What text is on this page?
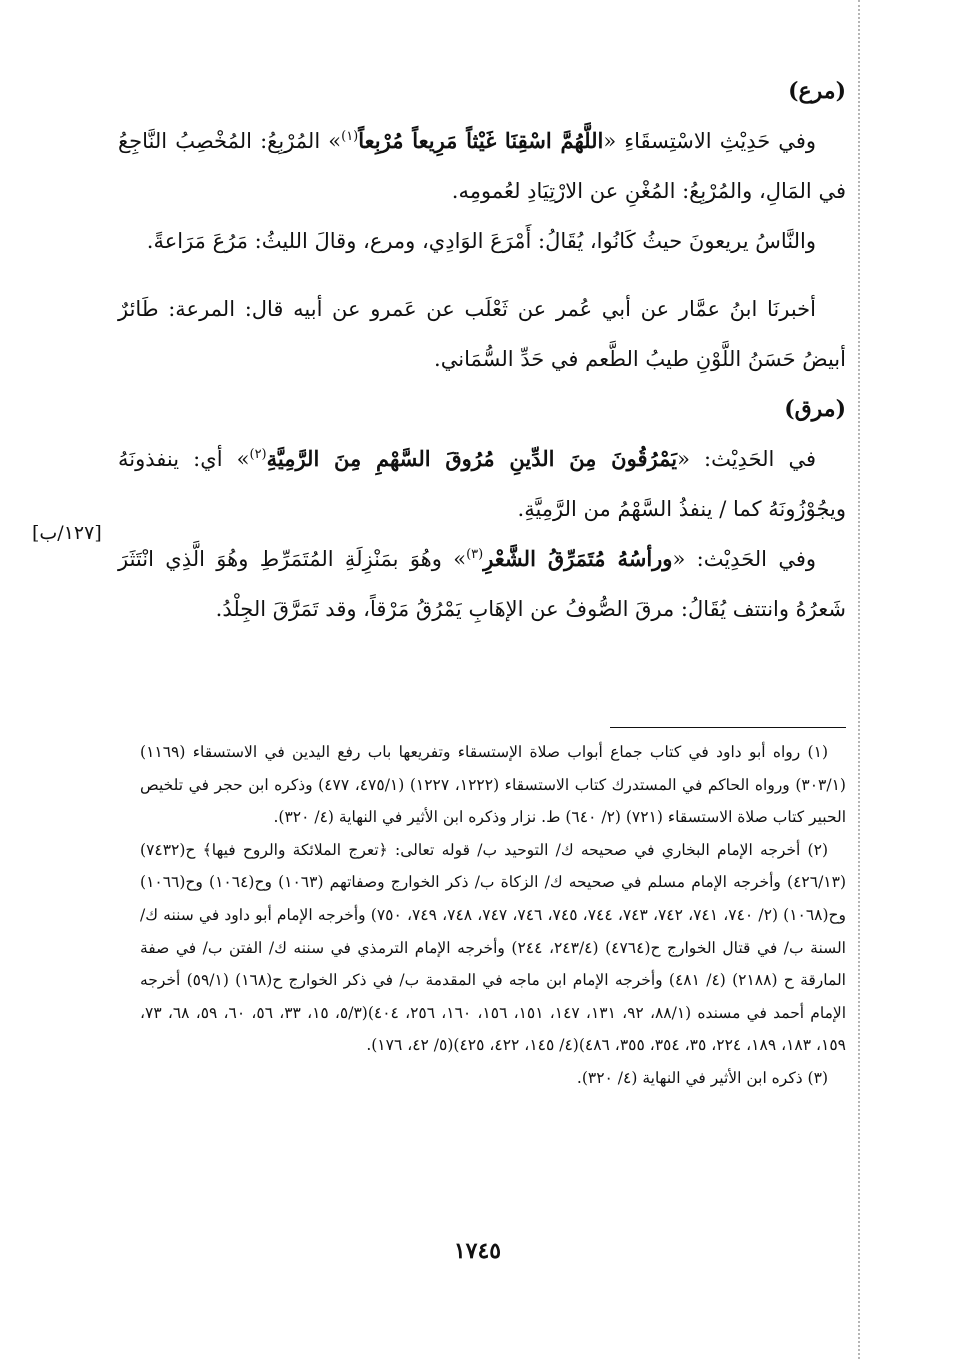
[١٢٧/ب]
(مرع)

وفي حَدِيْثِ الاسْتِسقَاءِ «اللَّهُمَّ اسْقِنَا غَيْثاً مَرِيعاً مُرْبِعاً$^{(١)}$» المُرْبِعُ: المُخْصِبُ النَّاجِعُ في المَالِ، والمُرْبِعُ: المُغْنِ عن الارْتِيَادِ لعُمومِه.

والنَّاسُ يريعونَ حيثُ كَانُوا، يُقَالُ: أَمْرَعَ الوَادِي، ومرع، وقالَ الليثُ: مَرُعَ مَرَاعةً.

أخبرنَا ابنُ عمَّار عن أبي عُمر عن ثَعْلَب عن عَمرو عن أبيه قال: المرعة: طَائرٌ أبيضُ حَسَنُ اللَّوْنِ طيبُ الطَّعم في حَدِّ السُّمَاني.

(مرق)

في الحَدِيْث: «يَمْرُقُونَ مِنَ الدِّينِ مُرُوقَ السَّهْمِ مِنَ الرَّمِيَّةِ$^{(٢)}$» أي: ينفذونَهُ ويجُوْزُونَهُ كما / ينفذُ السَّهْمُ من الرَّمِيَّةِ.

وفي الحَدِيْث: «ورأسُهُ مُتَمَرِّقُ الشَّعْرِ$^{(٣)}$» وهُوَ بمَنْزِلَةِ المُتَمَرِّطِ وهُوَ الَّذِي انْتَثَرَ شَعرُهُ وانتتف يُقَالُ: مرقَ الصُّوفُ عن الإهَابِ يَمْرُقُ مَرْقاً، وقد تَمَرَّقَ الجِلْدُ.

(١) رواه أبو داود في كتاب جماع أبواب صلاة الإستسقاء وتفريعها باب رفع اليدين في الاستسقاء (١١٦٩) (٣٠٣/١) ورواه الحاكم في المستدرك كتاب الاستسقاء (١٢٢٢، ١٢٢٧) (٤٧٥/١، ٤٧٧) وذكره ابن حجر في تلخيص الحبير كتاب صلاة الاستسقاء (٧٢١) (٢/ ٦٤٠) ط. نزار وذكره ابن الأثير في النهاية (٤/ ٣٢٠).

(٢) أخرجه الإمام البخاري في صحيحه ك/ التوحيد ب/ قوله تعالى: ﴿تعرج الملائكة والروح فيها﴾ ح(٧٤٣٢) (٤٢٦/١٣) وأخرجه الإمام مسلم في صحيحه ك/ الزكاة ب/ ذكر الخوارج وصفاتهم (١٠٦٣) وح(١٠٦٤) وح(١٠٦٦) وح(١٠٦٨) (٢/ ٧٤٠، ٧٤١، ٧٤٢، ٧٤٣، ٧٤٤، ٧٤٥، ٧٤٦، ٧٤٧، ٧٤٨، ٧٤٩، ٧٥٠) وأخرجه الإمام أبو داود في سننه ك/ السنة ب/ في قتال الخوارج ح(٤٧٦٤) (٢٤٣/٤، ٢٤٤) وأخرجه الإمام الترمذي في سننه ك/ الفتن ب/ في صفة المارقة ح (٢١٨٨) (٤/ ٤٨١) وأخرجه الإمام ابن ماجه في المقدمة ب/ في ذكر الخوارج ح(١٦٨) (٥٩/١) أخرجه الإمام أحمد في مسنده (٨٨/١، ٩٢، ١٣١، ١٤٧، ١٥١، ١٥٦، ١٦٠، ٢٥٦، ٤٠٤)(٥/٣، ١٥، ٣٣، ٥٦، ٦٠، ٥٩، ٦٨، ٧٣، ١٥٩، ١٨٣، ١٨٩، ٢٢٤، ٣٥، ٣٥٤، ٣٥٥، ٤٨٦)(٤/ ١٤٥، ٤٢٢، ٤٢٥)(٥/ ٤٢، ١٧٦).

(٣) ذكره ابن الأثير في النهاية (٤/ ٣٢٠).

١٧٤٥
